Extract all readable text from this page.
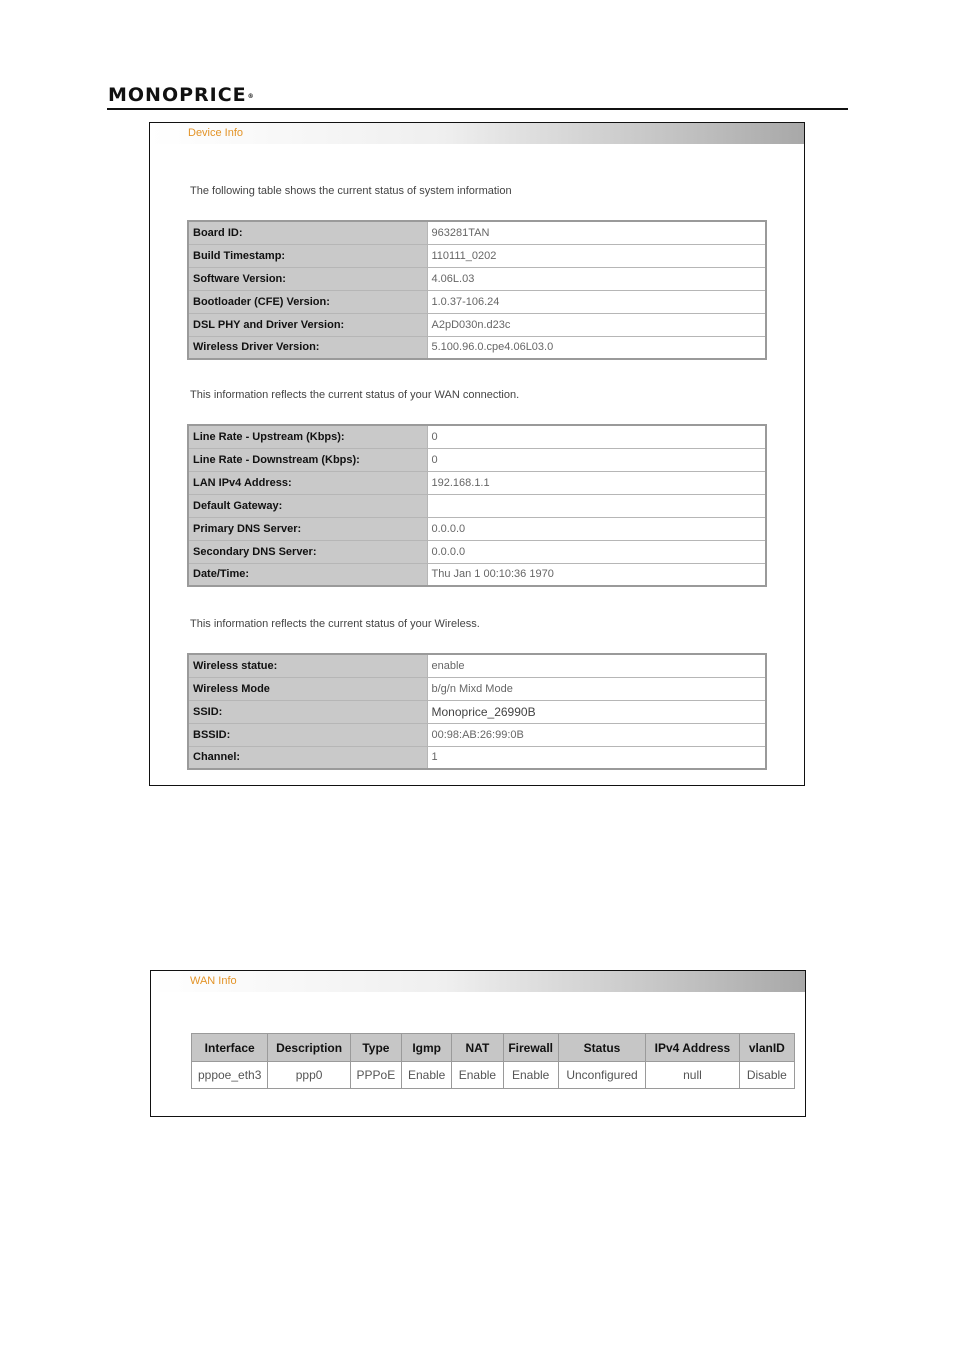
MONOPRICE®
Device Info
The following table shows the current status of system information
Board ID:	963281TAN
Build Timestamp:	110111_0202
Software Version:	4.06L.03
Bootloader (CFE) Version:	1.0.37-106.24
DSL PHY and Driver Version:	A2pD030n.d23c
Wireless Driver Version:	5.100.96.0.cpe4.06L03.0
This information reflects the current status of your WAN connection.
Line Rate - Upstream (Kbps):	0
Line Rate - Downstream (Kbps):	0
LAN IPv4 Address:	192.168.1.1
Default Gateway:	
Primary DNS Server:	0.0.0.0
Secondary DNS Server:	0.0.0.0
Date/Time:	Thu Jan 1 00:10:36 1970
This information reflects the current status of your Wireless.
Wireless statue:	enable
Wireless Mode	b/g/n Mixd Mode
SSID:	Monoprice_26990B
BSSID:	00:98:AB:26:99:0B
Channel:	1
WAN Info
Interface	Description	Type	Igmp	NAT	Firewall	Status	IPv4 Address	vlanID
pppoe_eth3	ppp0	PPPoE	Enable	Enable	Enable	Unconfigured	null	Disable
